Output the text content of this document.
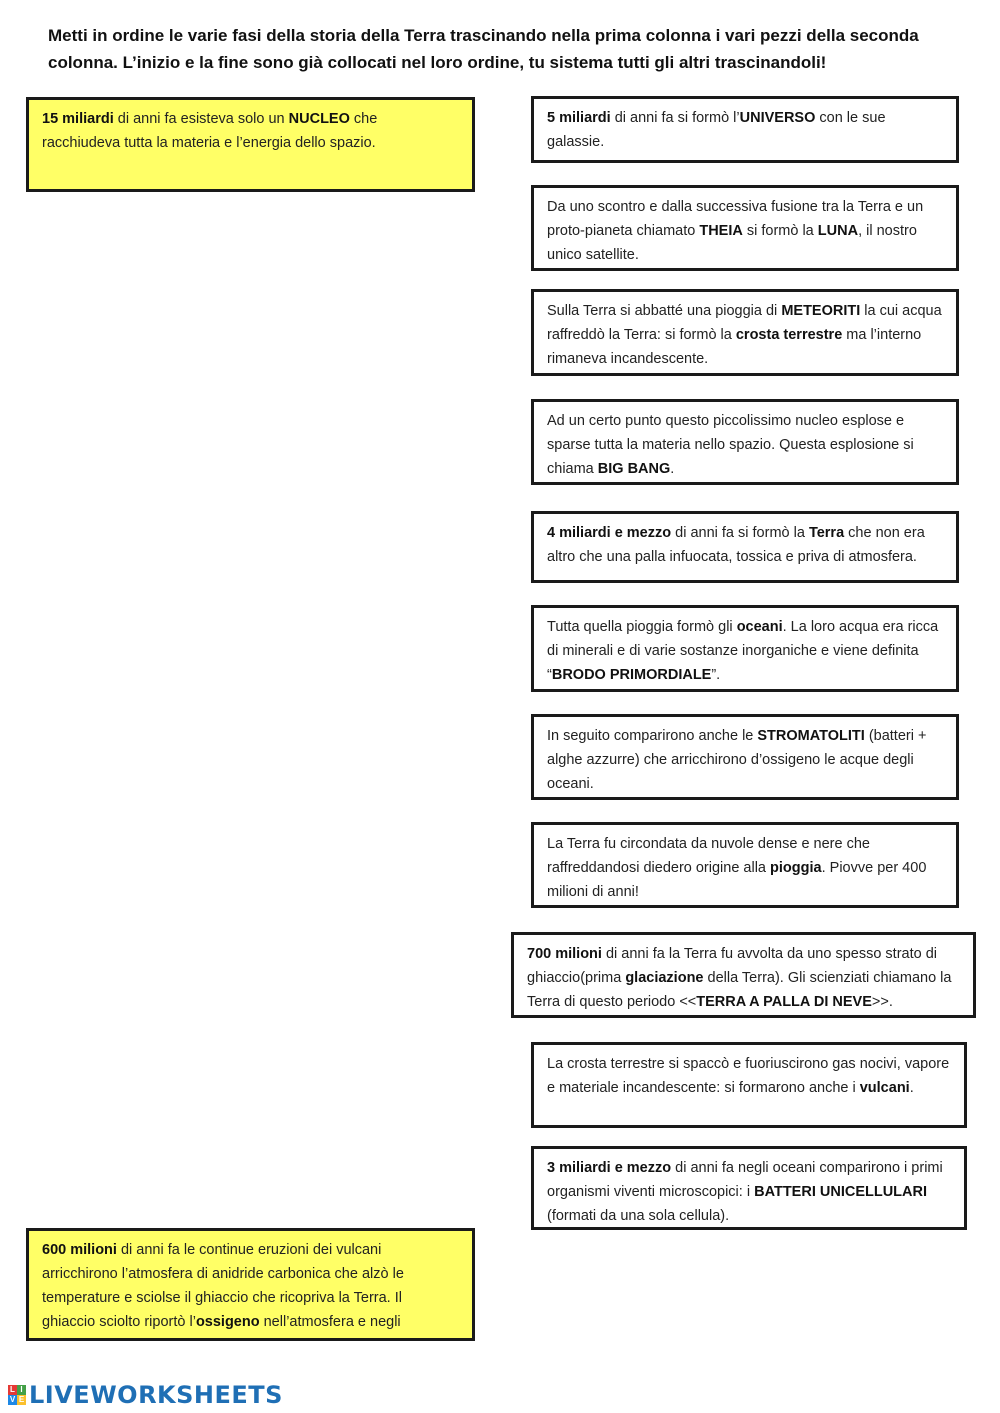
Metti in ordine le varie fasi della storia della Terra trascinando nella prima colonna i vari pezzi della seconda colonna. L’inizio e la fine sono già collocati nel loro ordine, tu sistema tutti gli altri trascinandoli!
15 miliardi di anni fa esisteva solo un NUCLEO che racchiudeva tutta la materia e l’energia dello spazio.
600 milioni di anni fa le continue eruzioni dei vulcani arricchirono l’atmosfera di anidride carbonica che alzò le temperature e sciolse il ghiaccio che ricopriva la Terra. Il ghiaccio sciolto riportò l’ossigeno nell’atmosfera e negli
5 miliardi di anni fa si formò l’UNIVERSO con le sue galassie.
Da uno scontro e dalla successiva fusione tra la Terra e un proto-pianeta chiamato THEIA si formò la LUNA, il nostro unico satellite.
Sulla Terra si abbatté una pioggia di METEORITI la cui acqua raffreddò la Terra: si formò la crosta terrestre ma l’interno rimaneva incandescente.
Ad un certo punto questo piccolissimo nucleo esplose e sparse tutta la materia nello spazio. Questa esplosione si chiama BIG BANG.
4 miliardi e mezzo di anni fa si formò la Terra che non era altro che una palla infuocata, tossica e priva di atmosfera.
Tutta quella pioggia formò gli oceani. La loro acqua era ricca di minerali e di varie sostanze inorganiche e viene definita “BRODO PRIMORDIALE”.
In seguito comparirono anche le STROMATOLITI (batteri + alghe azzurre) che arricchirono d’ossigeno le acque degli oceani.
La Terra fu circondata da nuvole dense e nere che raffreddandosi diedero origine alla pioggia. Piovve per 400 milioni di anni!
700 milioni di anni fa la Terra fu avvolta da uno spesso strato di ghiaccio(prima glaciazione della Terra). Gli scienziati chiamano la Terra di questo periodo <<TERRA A PALLA DI NEVE>>.
La crosta terrestre si spaccò e fuoriuscirono gas nocivi, vapore e materiale incandescente: si formarono anche i vulcani.
3 miliardi e mezzo di anni fa negli oceani comparirono i primi organismi viventi microscopici: i BATTERI UNICELLULARI (formati da una sola cellula).
L I
V E LIVEWORKSHEETS
